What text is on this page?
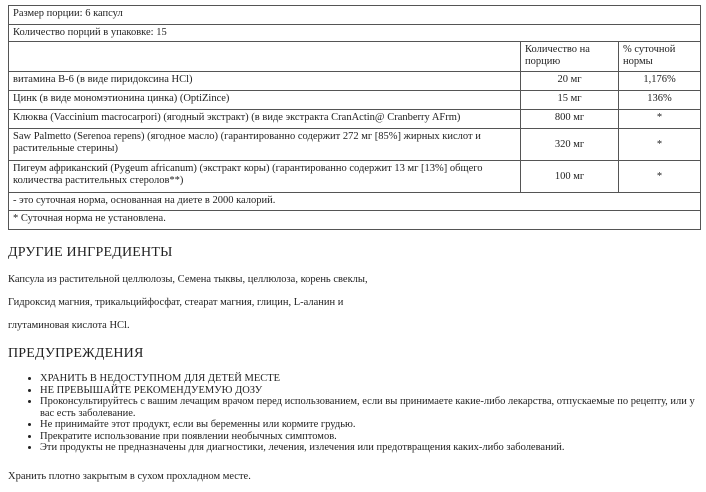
Размер порции: 6 капсул		
Количество порций в упаковке: 15		
	Количество на порцию	% суточной нормы
витамина B-6 (в виде пиридоксина HCl)	20 мг	1,176%
Цинк (в виде мономэтионина цинка) (OptiZince)	15 мг	136%
Клюква (Vaccinium macrocarpori) (ягодный экстракт) (в виде экстракта CranActin@ Cranberry AFrm)	800 мг	*
Saw Palmetto (Serenoa repens) (ягодное масло) (гарантированно содержит 272 мг [85%] жирных кислот и растительные стерины)	320 мг	*
Пигеум африканский (Pygeum africanum) (экстракт коры) (гарантированно содержит 13 мг [13%] общего количества растительных стеролов**)	100 мг	*
- это суточная норма, основанная на диете в 2000 калорий.		
* Суточная норма не установлена.		
ДРУГИЕ ИНГРЕДИЕНТЫ
Капсула из растительной целлюлозы, Семена тыквы, целлюлоза, корень свеклы,
Гидроксид магния, трикальцийфосфат, стеарат магния, глицин, L-аланин и
глутаминовая кислота HCl.
ПРЕДУПРЕЖДЕНИЯ
• ХРАНИТЬ В НЕДОСТУПНОМ ДЛЯ ДЕТЕЙ МЕСТЕ
• НЕ ПРЕВЫШАЙТЕ РЕКОМЕНДУЕМУЮ ДОЗУ
• Проконсультируйтесь с вашим лечащим врачом перед использованием, если вы принимаете какие-либо лекарства, отпускаемые по рецепту, или у вас есть заболевание.
• Не принимайте этот продукт, если вы беременны или кормите грудью.
• Прекратите использование при появлении необычных симптомов.
• Эти продукты не предназначены для диагностики, лечения, излечения или предотвращения каких-либо заболеваний.
Хранить плотно закрытым в сухом прохладном месте.
